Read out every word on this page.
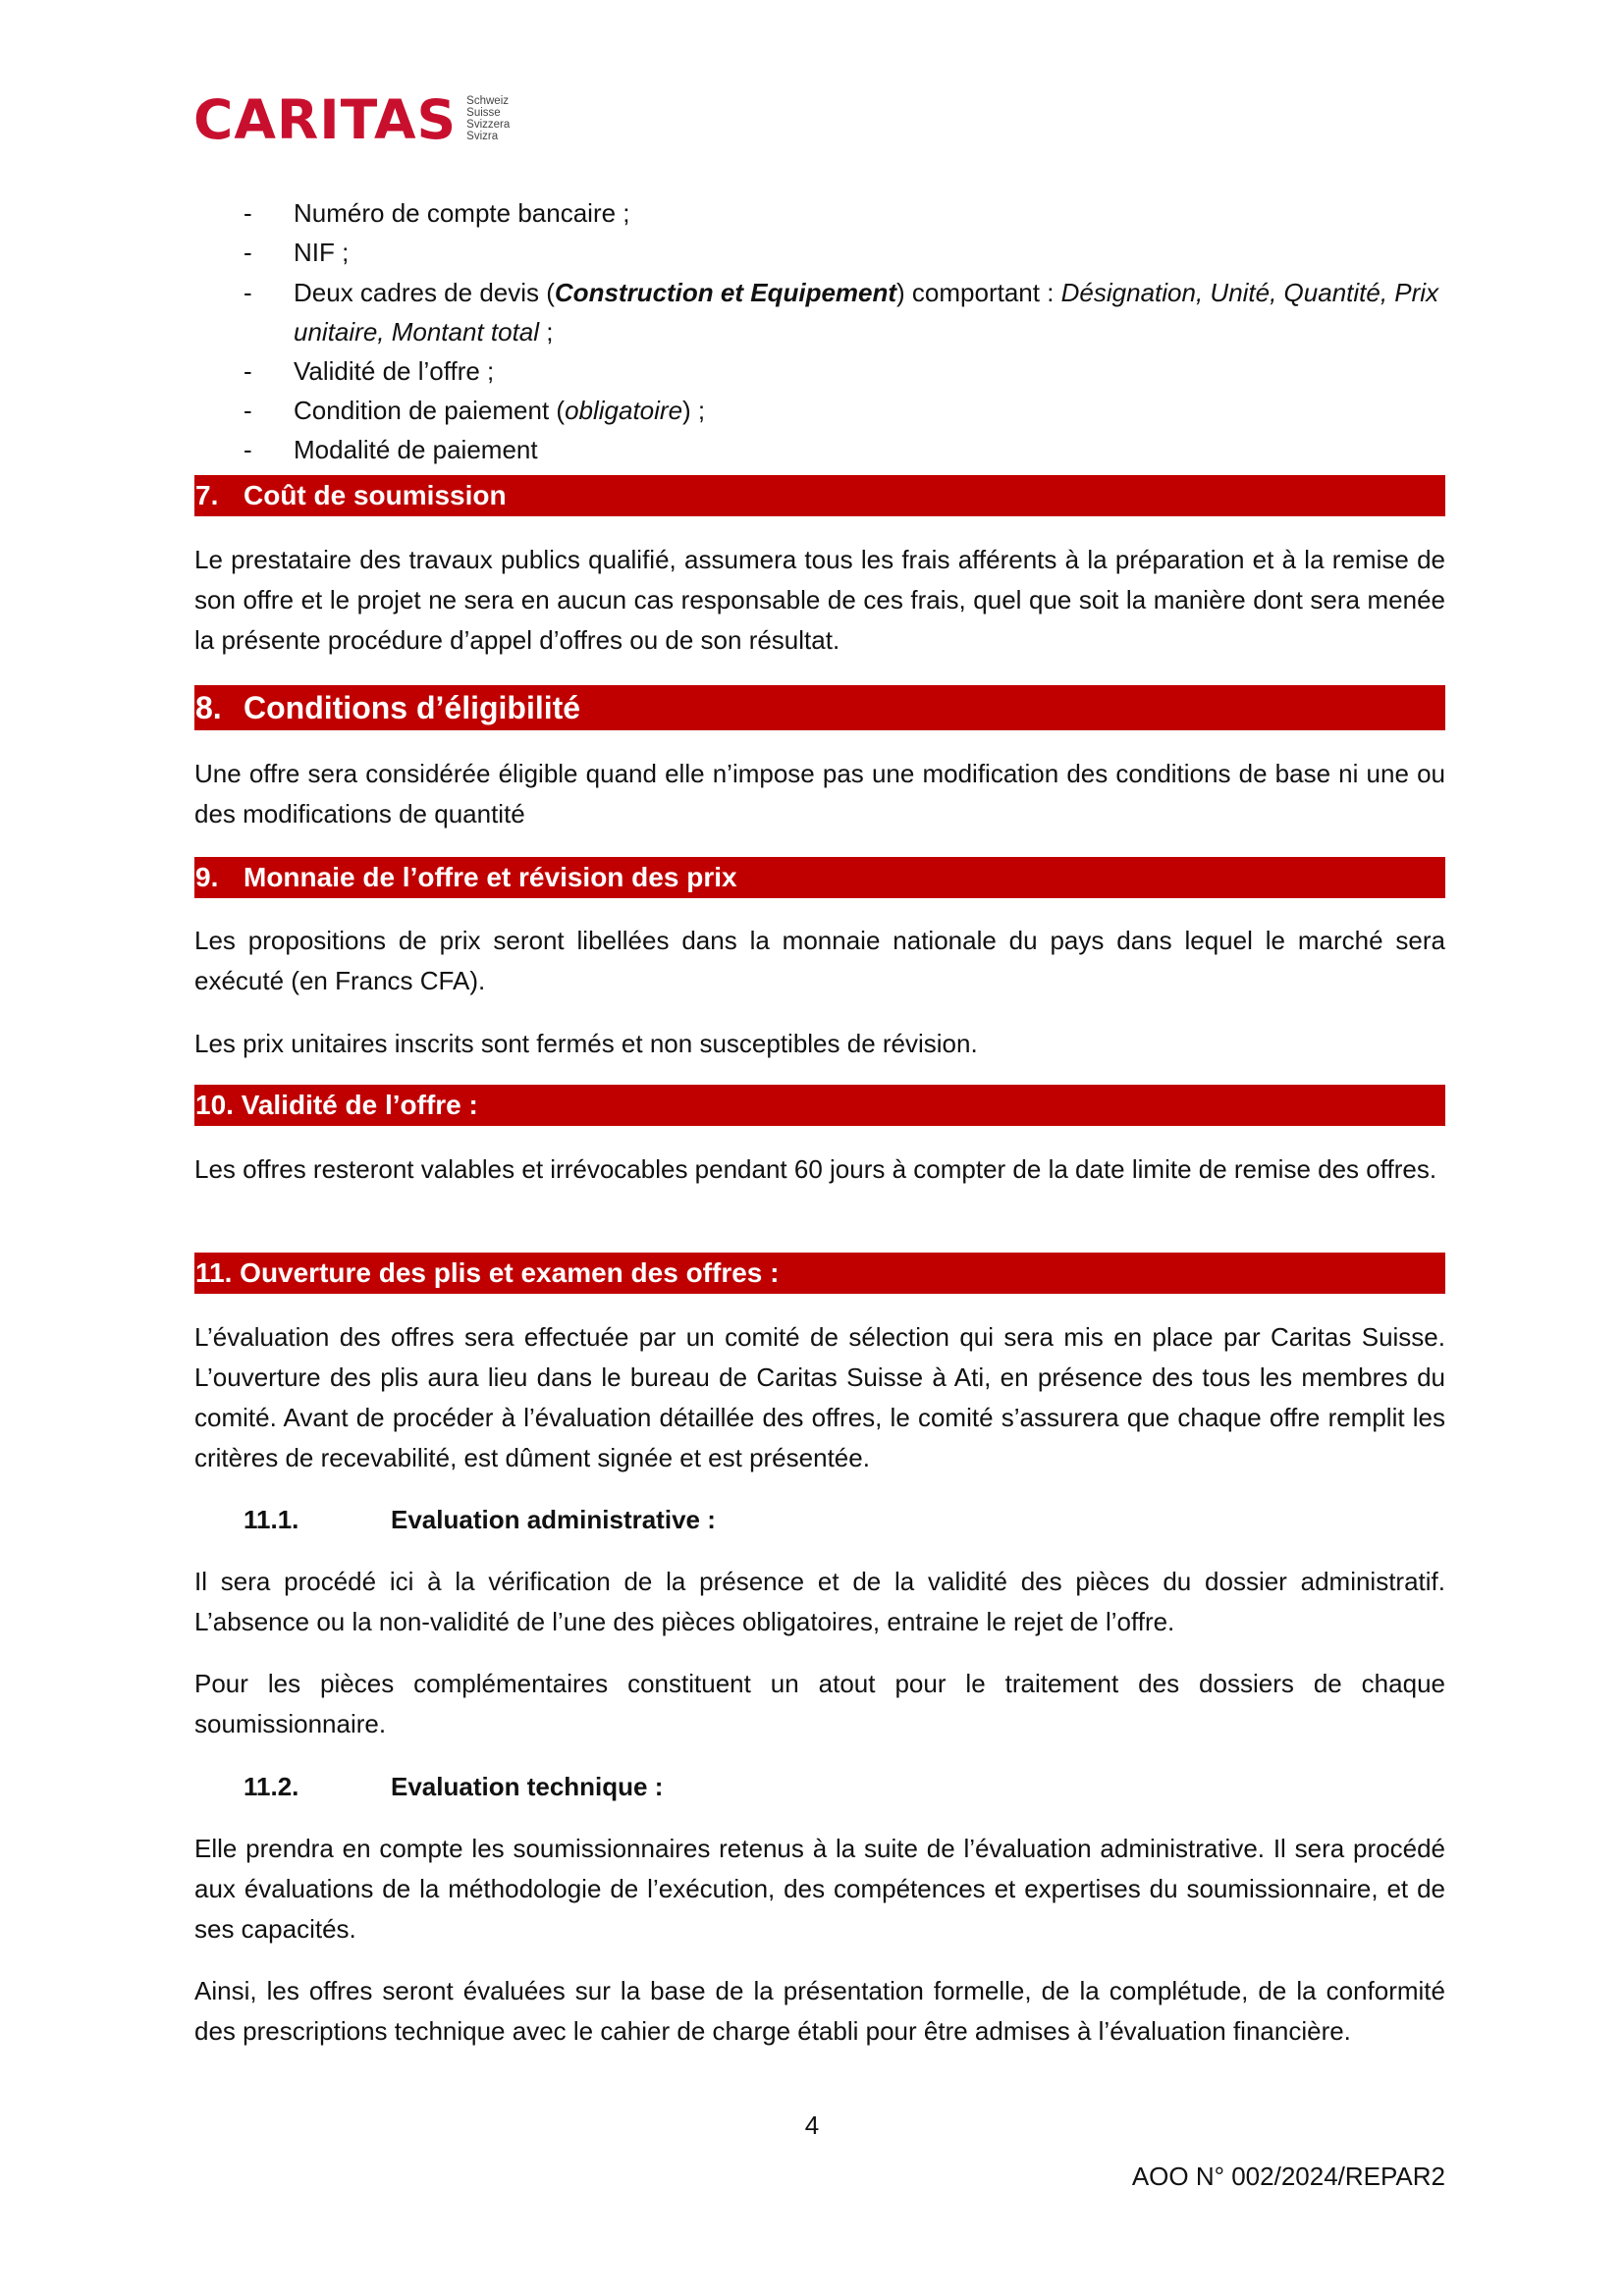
CARITAS Schweiz
Suisse
Svizzera
Svizra
- Numéro de compte bancaire ;
- NIF ;
- Deux cadres de devis (Construction et Equipement) comportant : Désignation, Unité, Quantité, Prix unitaire, Montant total ;
- Validité de l’offre ;
- Condition de paiement (obligatoire) ;
- Modalité de paiement
7. Coût de soumission
Le prestataire des travaux publics qualifié, assumera tous les frais afférents à la préparation et à la remise de son offre et le projet ne sera en aucun cas responsable de ces frais, quel que soit la manière dont sera menée la présente procédure d’appel d’offres ou de son résultat.
8. Conditions d’éligibilité
Une offre sera considérée éligible quand elle n’impose pas une modification des conditions de base ni une ou des modifications de quantité
9. Monnaie de l’offre et révision des prix
Les propositions de prix seront libellées dans la monnaie nationale du pays dans lequel le marché sera exécuté (en Francs CFA).
Les prix unitaires inscrits sont fermés et non susceptibles de révision.
10. Validité de l’offre :
Les offres resteront valables et irrévocables pendant 60 jours à compter de la date limite de remise des offres.
11. Ouverture des plis et examen des offres :
L’évaluation des offres sera effectuée par un comité de sélection qui sera mis en place par Caritas Suisse. L’ouverture des plis aura lieu dans le bureau de Caritas Suisse à Ati, en présence des tous les membres du comité. Avant de procéder à l’évaluation détaillée des offres, le comité s’assurera que chaque offre remplit les critères de recevabilité, est dûment signée et est présentée.
11.1.	Evaluation administrative :
Il sera procédé ici à la vérification de la présence et de la validité des pièces du dossier administratif. L’absence ou la non-validité de l’une des pièces obligatoires, entraine le rejet de l’offre.
Pour les pièces complémentaires constituent un atout pour le traitement des dossiers de chaque soumissionnaire.
11.2.	Evaluation technique :
Elle prendra en compte les soumissionnaires retenus à la suite de l’évaluation administrative. Il sera procédé aux évaluations de la méthodologie de l’exécution, des compétences et expertises du soumissionnaire, et de ses capacités.
Ainsi, les offres seront évaluées sur la base de la présentation formelle, de la complétude, de la conformité des prescriptions technique avec le cahier de charge établi pour être admises à l’évaluation financière.
4
AOO N° 002/2024/REPAR2
